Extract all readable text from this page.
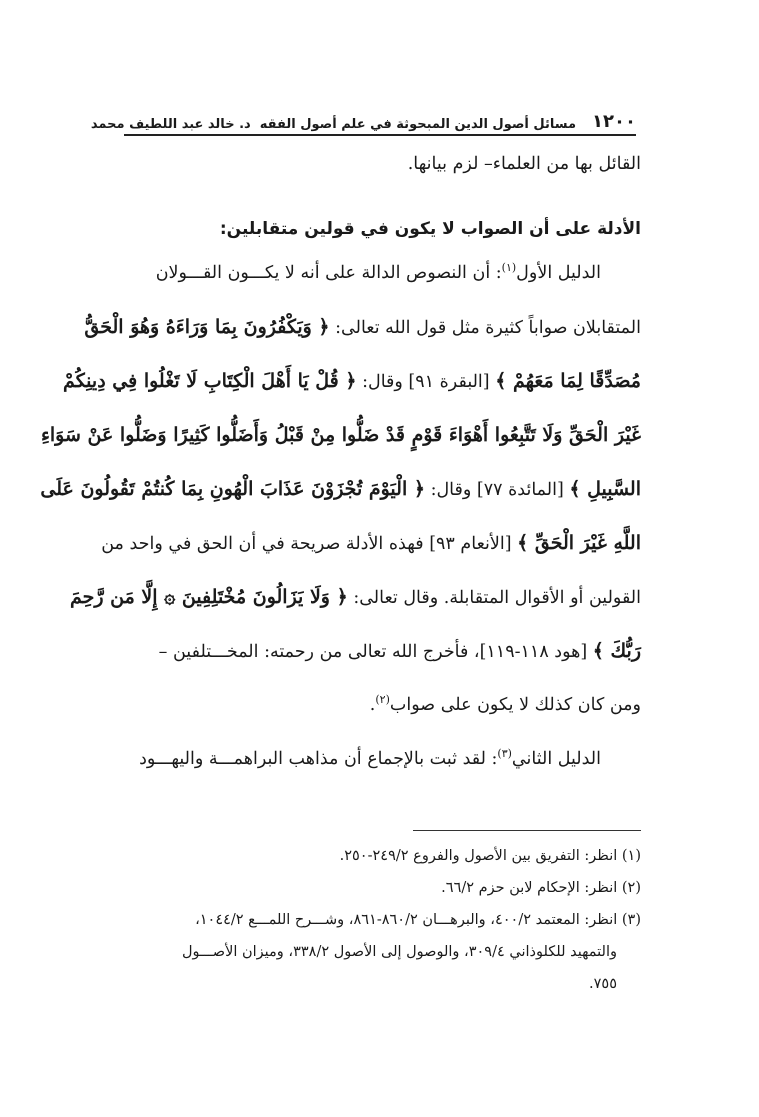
١٢٠٠
مسائل أصول الدين المبحوثة في علم أصول الفقه  د. خالد عبد اللطيف محمد
القائل بها من العلماء– لزم بيانها.
الأدلة على أن الصواب لا يكون في قولين متقابلين:
الدليل الأول$^{(١)}$: أن النصوص الدالة على أنه لا يكـــون القـــولان
المتقابلان صواباً كثيرة مثل قول الله تعالى: ﴿ وَيَكْفُرُونَ بِمَا وَرَاءَهُ وَهُوَ الْحَقُّ
مُصَدِّقًا لِمَا مَعَهُمْ ﴾ [البقرة ٩١] وقال: ﴿ قُلْ يَا أَهْلَ الْكِتَابِ لَا تَغْلُوا فِي دِينِكُمْ
غَيْرَ الْحَقِّ وَلَا تَتَّبِعُوا أَهْوَاءَ قَوْمٍ قَدْ ضَلُّوا مِنْ قَبْلُ وَأَضَلُّوا كَثِيرًا وَضَلُّوا عَنْ سَوَاءِ
السَّبِيلِ ﴾ [المائدة ٧٧] وقال: ﴿ الْيَوْمَ تُجْزَوْنَ عَذَابَ الْهُونِ بِمَا كُنتُمْ تَقُولُونَ عَلَى
اللَّهِ غَيْرَ الْحَقِّ ﴾ [الأنعام ٩٣] فهذه الأدلة صريحة في أن الحق في واحد من
القولين أو الأقوال المتقابلة. وقال تعالى: ﴿ وَلَا يَزَالُونَ مُخْتَلِفِينَ ۞ إِلَّا مَن رَّحِمَ
رَبُّكَ ﴾ [هود ١١٨-١١٩]، فأخرج الله تعالى من رحمته: المخـــتلفين –
ومن كان كذلك لا يكون على صواب$^{(٢)}$.
الدليل الثاني$^{(٣)}$: لقد ثبت بالإجماع أن مذاهب البراهمـــة واليهـــود
(١) انظر: التفريق بين الأصول والفروع ٢٤٩/٢-٢٥٠.
(٢) انظر: الإحكام لابن حزم ٦٦/٢.
(٣) انظر: المعتمد ٤٠٠/٢، والبرهـــان ٨٦٠/٢-٨٦١، وشـــرح اللمـــع ١٠٤٤/٢،
والتمهيد للكلوذاني ٣٠٩/٤، والوصول إلى الأصول ٣٣٨/٢، وميزان الأصـــول
٧٥٥.
